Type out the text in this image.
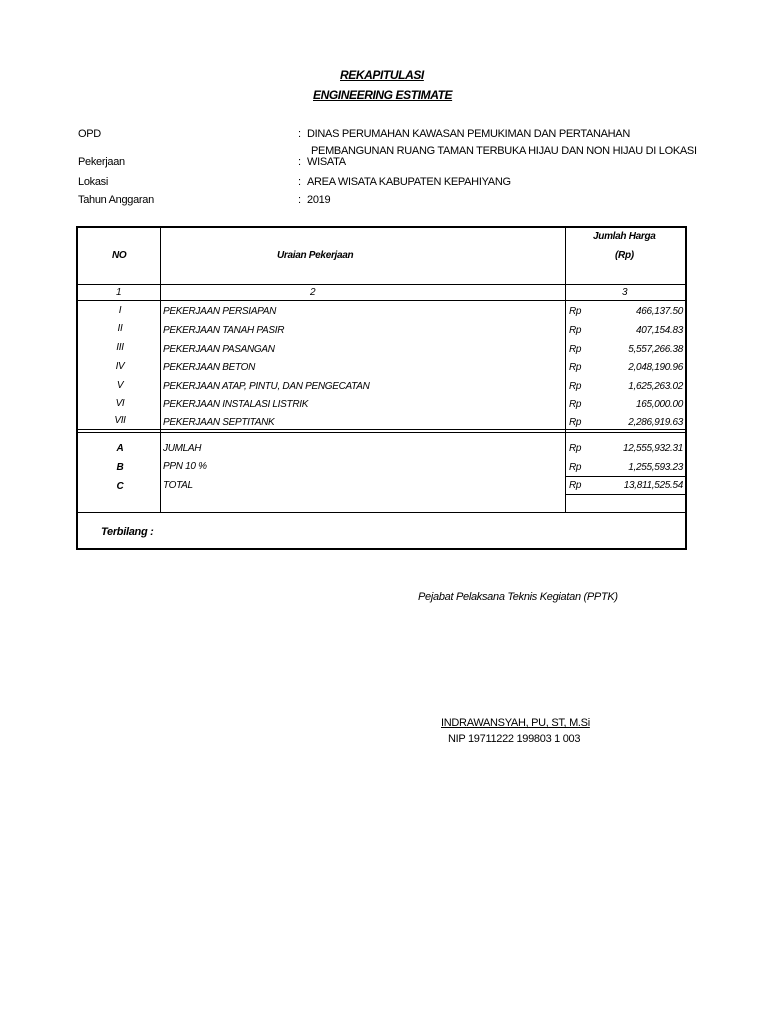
REKAPITULASI
ENGINEERING ESTIMATE
OPD	: DINAS PERUMAHAN KAWASAN PEMUKIMAN DAN PERTANAHAN
PEMBANGUNAN RUANG TAMAN TERBUKA HIJAU DAN NON HIJAU DI LOKASI
Pekerjaan	: WISATA
Lokasi	: AREA WISATA KABUPATEN KEPAHIYANG
Tahun Anggaran	: 2019
NO	Uraian Pekerjaan
Jumlah Harga
(Rp)
1	2	3
I	PEKERJAAN PERSIAPAN	Rp	466,137.50
II	PEKERJAAN TANAH PASIR	Rp	407,154.83
III	PEKERJAAN PASANGAN	Rp	5,557,266.38
IV	PEKERJAAN BETON	Rp	2,048,190.96
V	PEKERJAAN ATAP, PINTU, DAN PENGECATAN	Rp	1,625,263.02
VI	PEKERJAAN INSTALASI LISTRIK	Rp	165,000.00
VII	PEKERJAAN SEPTITANK	Rp	2,286,919.63
A	JUMLAH	Rp	12,555,932.31
B	PPN 10 %	Rp	1,255,593.23
C	TOTAL	Rp	13,811,525.54
Terbilang :
Pejabat Pelaksana Teknis Kegiatan (PPTK)
INDRAWANSYAH, PU, ST, M.Si
NIP 19711222 199803 1 003
